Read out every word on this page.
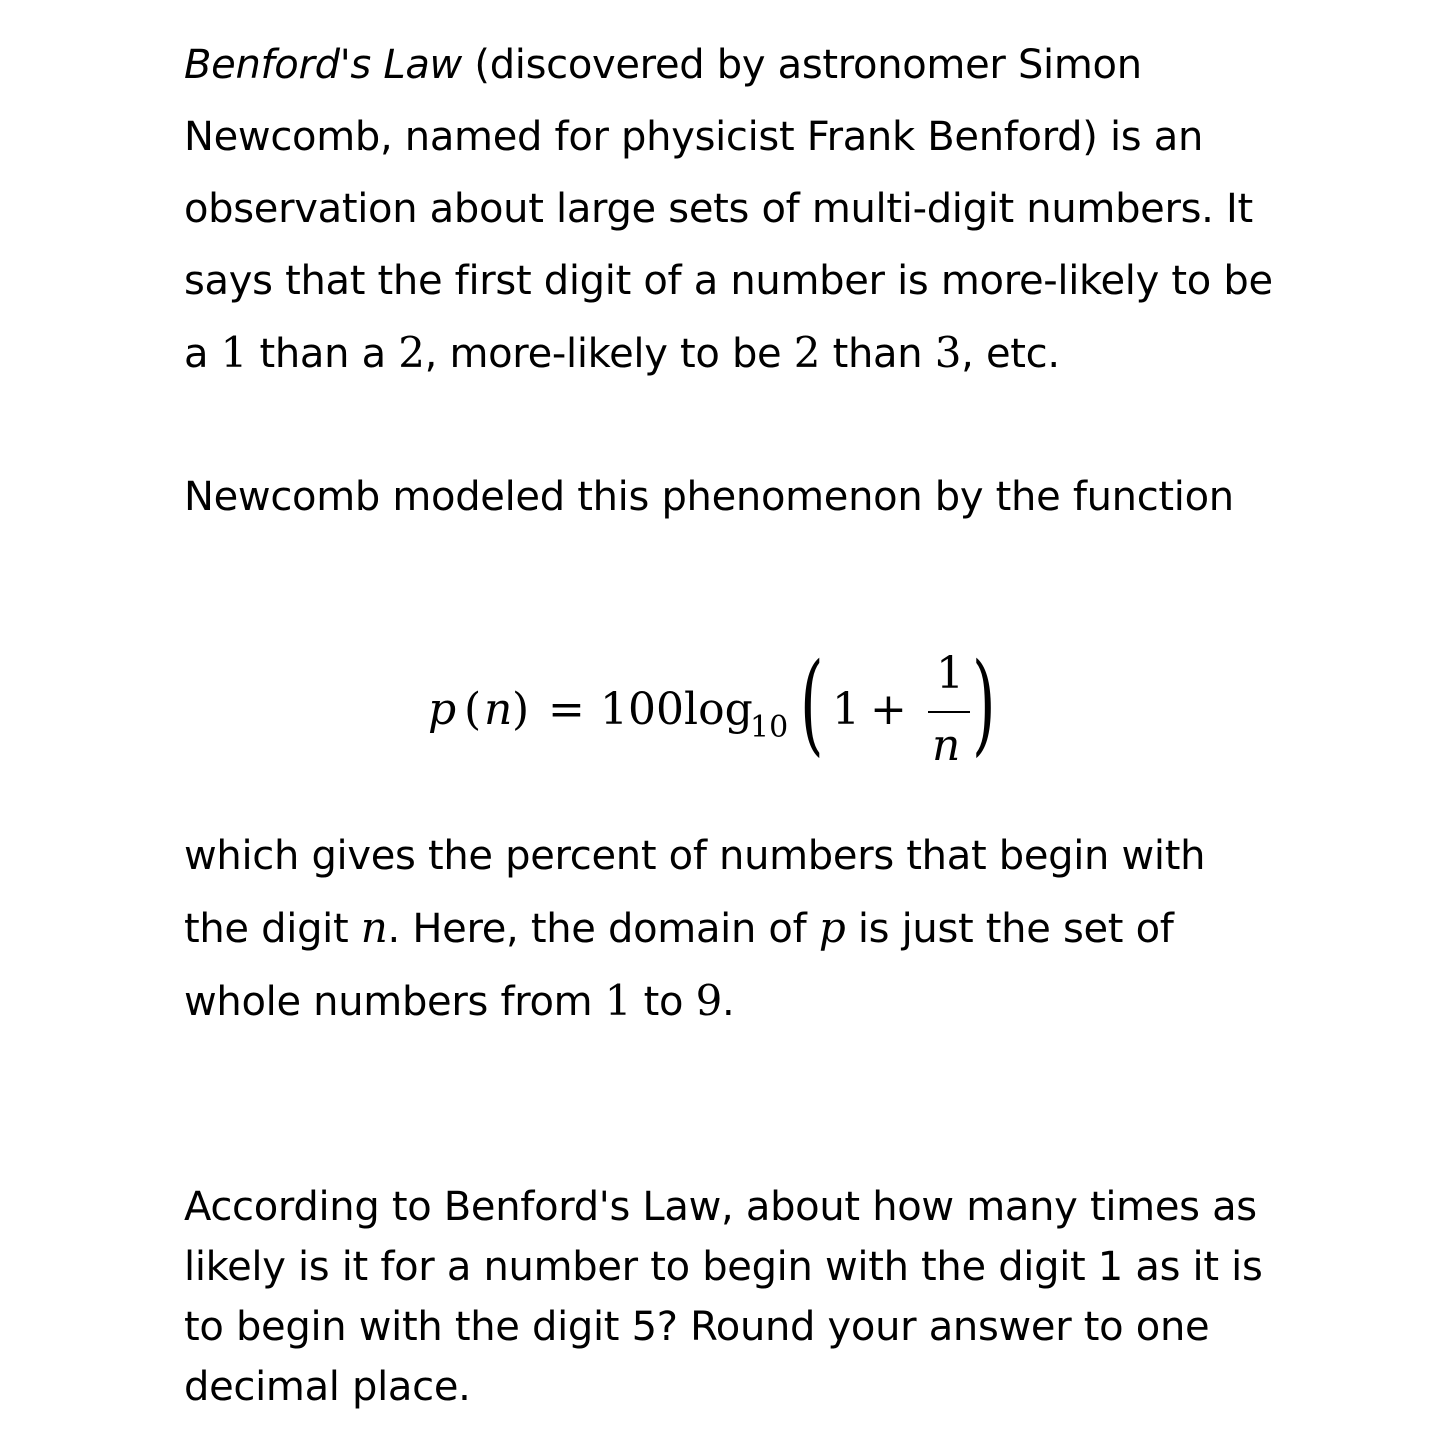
Benford's Law (discovered by astronomer Simon Newcomb, named for physicist Frank Benford) is an observation about large sets of multi-digit numbers. It says that the first digit of a number is more-likely to be a 1 than a 2, more-likely to be 2 than 3, etc.

Newcomb modeled this phenomenon by the function

which gives the percent of numbers that begin with the digit n. Here, the domain of p is just the set of whole numbers from 1 to 9.

According to Benford's Law, about how many times as likely is it for a number to begin with the digit 1 as it is to begin with the digit 5? Round your answer to one decimal place.

p ( n ) = 100 log
10 ( 1 +
1
n )
